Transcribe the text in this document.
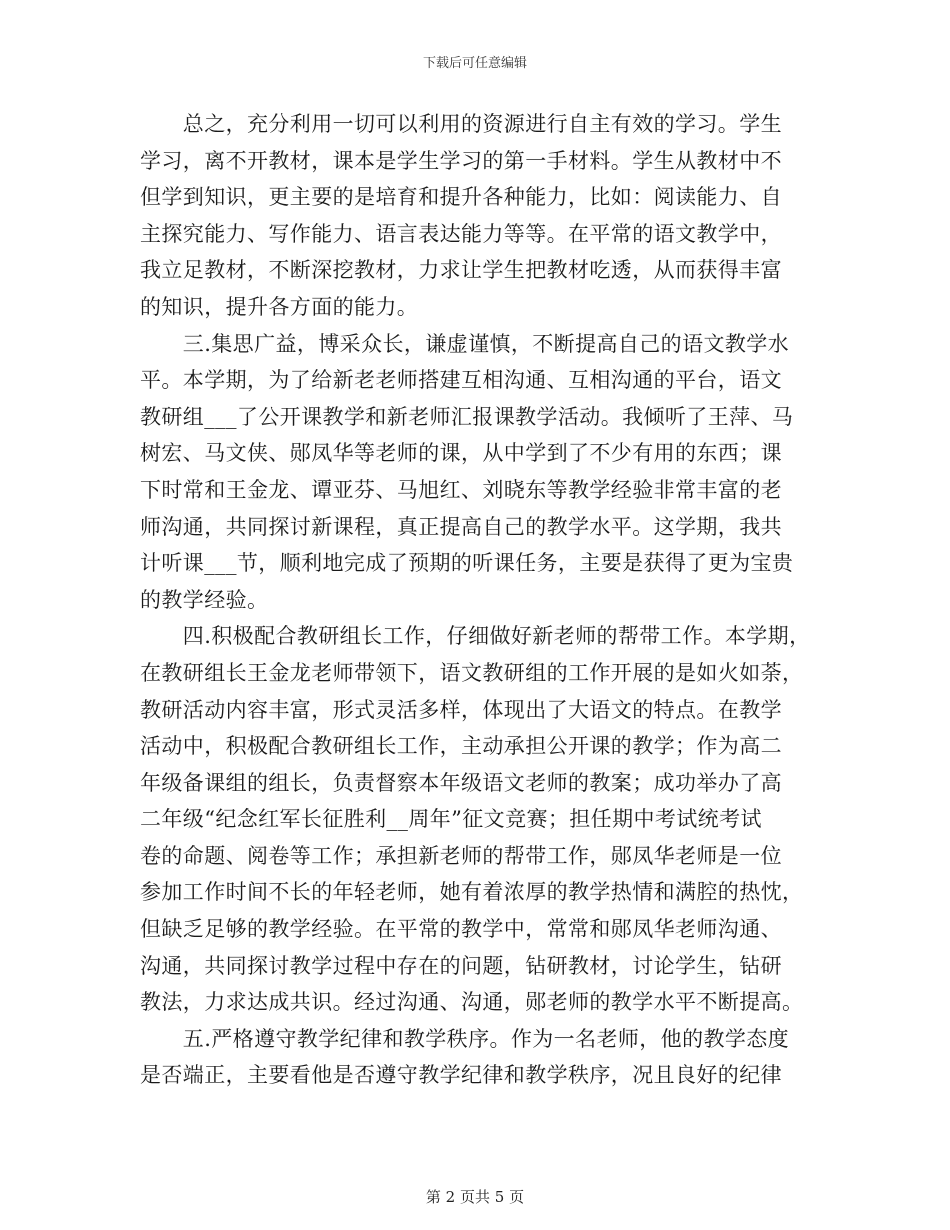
下载后可任意编辑
　　总之，充分利用一切可以利用的资源进行自主有效的学习。学生
学习，离不开教材，课本是学生学习的第一手材料。学生从教材中不
但学到知识，更主要的是培育和提升各种能力，比如：阅读能力、自
主探究能力、写作能力、语言表达能力等等。在平常的语文教学中，
我立足教材，不断深挖教材，力求让学生把教材吃透，从而获得丰富
的知识，提升各方面的能力。
　　三.集思广益，博采众长，谦虚谨慎，不断提高自己的语文教学水
平。本学期，为了给新老老师搭建互相沟通、互相沟通的平台，语文
教研组___了公开课教学和新老师汇报课教学活动。我倾听了王萍、马
树宏、马文侠、郧凤华等老师的课，从中学到了不少有用的东西；课
下时常和王金龙、谭亚芬、马旭红、刘晓东等教学经验非常丰富的老
师沟通，共同探讨新课程，真正提高自己的教学水平。这学期，我共
计听课___节，顺利地完成了预期的听课任务，主要是获得了更为宝贵
的教学经验。
　　四.积极配合教研组长工作，仔细做好新老师的帮带工作。本学期，
在教研组长王金龙老师带领下，语文教研组的工作开展的是如火如荼，
教研活动内容丰富，形式灵活多样，体现出了大语文的特点。在教学
活动中，积极配合教研组长工作，主动承担公开课的教学；作为高二
年级备课组的组长，负责督察本年级语文老师的教案；成功举办了高
二年级“纪念红军长征胜利__周年”征文竞赛；担任期中考试统考试
卷的命题、阅卷等工作；承担新老师的帮带工作，郧凤华老师是一位
参加工作时间不长的年轻老师，她有着浓厚的教学热情和满腔的热忱，
但缺乏足够的教学经验。在平常的教学中，常常和郧凤华老师沟通、
沟通，共同探讨教学过程中存在的问题，钻研教材，讨论学生，钻研
教法，力求达成共识。经过沟通、沟通，郧老师的教学水平不断提高。
　　五.严格遵守教学纪律和教学秩序。作为一名老师，他的教学态度
是否端正，主要看他是否遵守教学纪律和教学秩序，况且良好的纪律
第 2 页共 5 页
